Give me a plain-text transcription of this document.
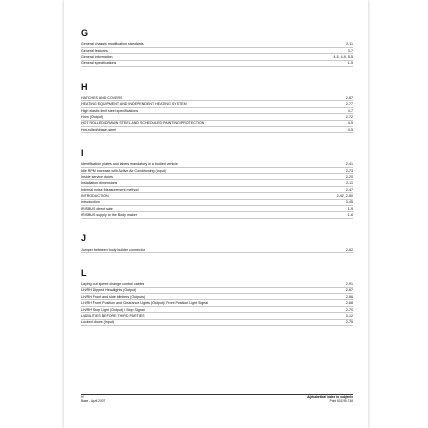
G
General chassis modification standards	2-11
General features	3-7
General information	4-5, 4-9, 5-5
General specifications	1-5
H
HATCHES AND COVERS	2-87
HEATING EQUIPMENT AND INDEPENDENT HEATING SYSTEM	2-77
High elastic limit steel specifications	4-7
Horn (Output)	2-72
HOT ROLLED/DRAWN STEEL AND SCHEDULED PAINTING/PROTECTION	4-5
Hot-rolled/drawn steel	4-5
I
Identification plates and labels mandatory in a bodied vehicle	2-41
Idle RPM increase with Active Air Conditioning (Input)	2-73
Inside service doors	2-20
Installation dimensions	2-11
Internal noise Measurement method	2-47
INTRODUCTION	2-42, 2-80
Introduction	3-45
IRISBUS direct sale	1-9
IRISBUS supply to the Body maker	1-6
J
Jumper between body builder connector	2-62
L
Laying out speed change control cables	2-91
LH/RH Dipped Headlights (Output)	2-67
LH/RH Front and side blinkers (Outputs)	2-66
LH/RH Front Position and Clearance Lights (Output)/ Front Position Light Signal	2-68
LH/RH Stop Light (Output) / Stop Signal	2-70
LIABILITIES BEFORE THIRD PARTIES	3-12
Locked doors (Input)	2-75
IV	Alphabetical index to subjects
Base - April 2007	Print 603.95.748
